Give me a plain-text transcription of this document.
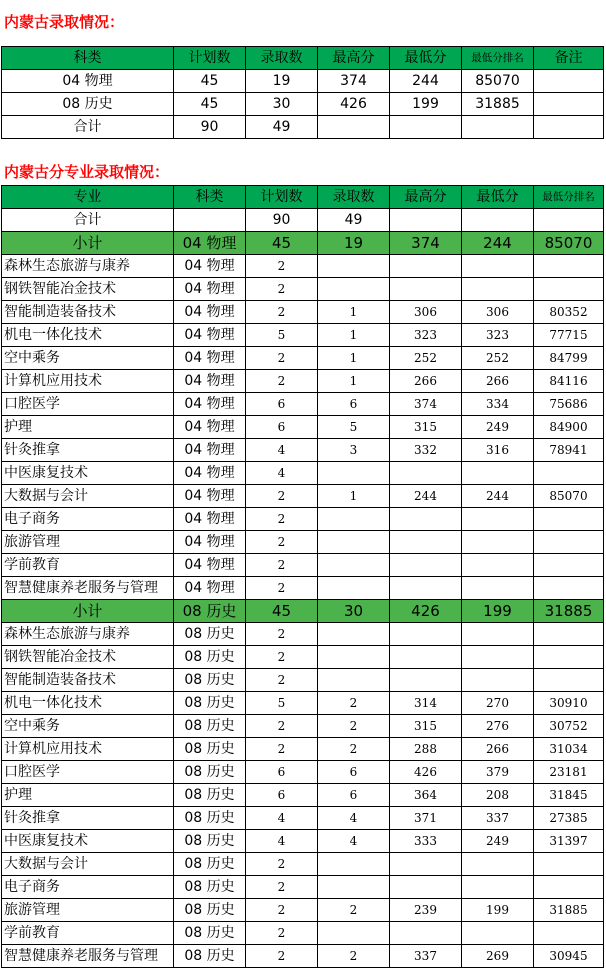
内蒙古录取情况：
科类	计划数	录取数	最高分	最低分	最低分排名	备注
04 物理	45	19	374	244	85070	
08 历史	45	30	426	199	31885	
合计	90	49				
内蒙古分专业录取情况：
专业	科类	计划数	录取数	最高分	最低分	最低分排名
合计		90	49			
小计	04 物理	45	19	374	244	85070
森林生态旅游与康养	04 物理	2				
钢铁智能冶金技术	04 物理	2				
智能制造装备技术	04 物理	2	1	306	306	80352
机电一体化技术	04 物理	5	1	323	323	77715
空中乘务	04 物理	2	1	252	252	84799
计算机应用技术	04 物理	2	1	266	266	84116
口腔医学	04 物理	6	6	374	334	75686
护理	04 物理	6	5	315	249	84900
针灸推拿	04 物理	4	3	332	316	78941
中医康复技术	04 物理	4				
大数据与会计	04 物理	2	1	244	244	85070
电子商务	04 物理	2				
旅游管理	04 物理	2				
学前教育	04 物理	2				
智慧健康养老服务与管理	04 物理	2				
小计	08 历史	45	30	426	199	31885
森林生态旅游与康养	08 历史	2				
钢铁智能冶金技术	08 历史	2				
智能制造装备技术	08 历史	2				
机电一体化技术	08 历史	5	2	314	270	30910
空中乘务	08 历史	2	2	315	276	30752
计算机应用技术	08 历史	2	2	288	266	31034
口腔医学	08 历史	6	6	426	379	23181
护理	08 历史	6	6	364	208	31845
针灸推拿	08 历史	4	4	371	337	27385
中医康复技术	08 历史	4	4	333	249	31397
大数据与会计	08 历史	2				
电子商务	08 历史	2				
旅游管理	08 历史	2	2	239	199	31885
学前教育	08 历史	2				
智慧健康养老服务与管理	08 历史	2	2	337	269	30945
